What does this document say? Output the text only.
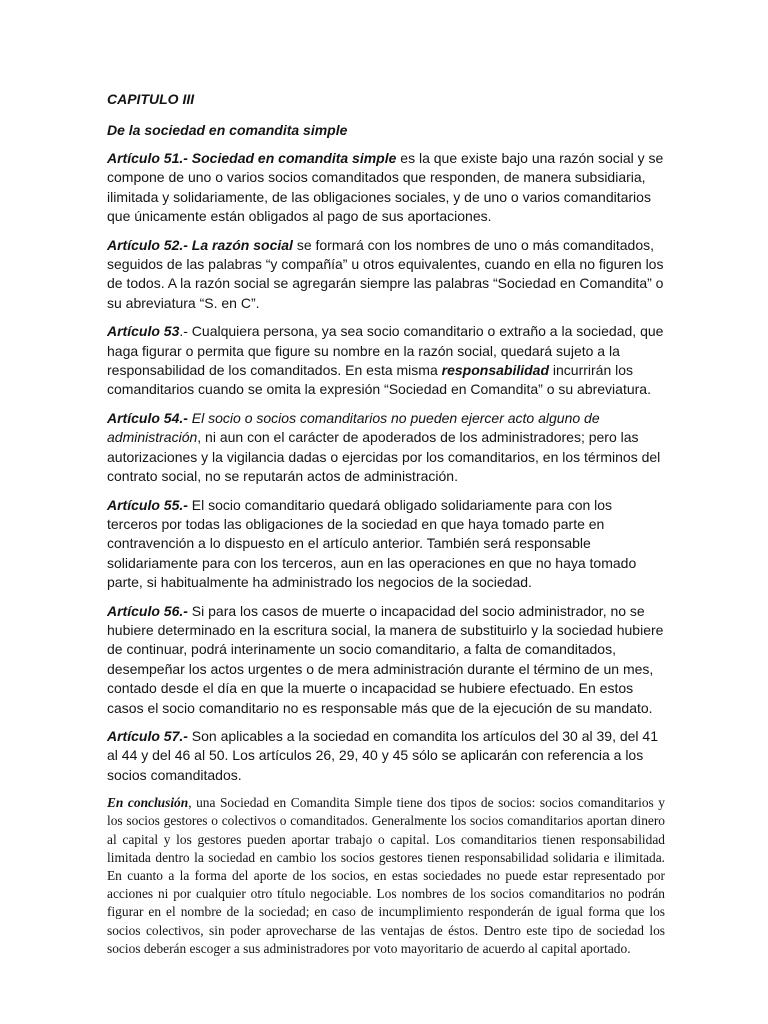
CAPITULO III

De la sociedad en comandita simple

Artículo 51.- Sociedad en comandita simple es la que existe bajo una razón social y se compone de uno o varios socios comanditados que responden, de manera subsidiaria, ilimitada y solidariamente, de las obligaciones sociales, y de uno o varios comanditarios que únicamente están obligados al pago de sus aportaciones.

Artículo 52.- La razón social se formará con los nombres de uno o más comanditados, seguidos de las palabras “y compañía” u otros equivalentes, cuando en ella no figuren los de todos. A la razón social se agregarán siempre las palabras “Sociedad en Comandita” o su abreviatura “S. en C”.

Artículo 53.- Cualquiera persona, ya sea socio comanditario o extraño a la sociedad, que haga figurar o permita que figure su nombre en la razón social, quedará sujeto a la responsabilidad de los comanditados. En esta misma responsabilidad incurrirán los comanditarios cuando se omita la expresión “Sociedad en Comandita” o su abreviatura.

Artículo 54.- El socio o socios comanditarios no pueden ejercer acto alguno de administración, ni aun con el carácter de apoderados de los administradores; pero las autorizaciones y la vigilancia dadas o ejercidas por los comanditarios, en los términos del contrato social, no se reputarán actos de administración.

Artículo 55.- El socio comanditario quedará obligado solidariamente para con los terceros por todas las obligaciones de la sociedad en que haya tomado parte en contravención a lo dispuesto en el artículo anterior. También será responsable solidariamente para con los terceros, aun en las operaciones en que no haya tomado parte, si habitualmente ha administrado los negocios de la sociedad.

Artículo 56.- Si para los casos de muerte o incapacidad del socio administrador, no se hubiere determinado en la escritura social, la manera de substituirlo y la sociedad hubiere de continuar, podrá interinamente un socio comanditario, a falta de comanditados, desempeñar los actos urgentes o de mera administración durante el término de un mes, contado desde el día en que la muerte o incapacidad se hubiere efectuado. En estos casos el socio comanditario no es responsable más que de la ejecución de su mandato.

Artículo 57.- Son aplicables a la sociedad en comandita los artículos del 30 al 39, del 41 al 44 y del 46 al 50. Los artículos 26, 29, 40 y 45 sólo se aplicarán con referencia a los socios comanditados.

En conclusión, una Sociedad en Comandita Simple tiene dos tipos de socios: socios comanditarios y los socios gestores o colectivos o comanditados. Generalmente los socios comanditarios aportan dinero al capital y los gestores pueden aportar trabajo o capital. Los comanditarios tienen responsabilidad limitada dentro la sociedad en cambio los socios gestores tienen responsabilidad solidaria e ilimitada. En cuanto a la forma del aporte de los socios, en estas sociedades no puede estar representado por acciones ni por cualquier otro título negociable. Los nombres de los socios comanditarios no podrán figurar en el nombre de la sociedad; en caso de incumplimiento responderán de igual forma que los socios colectivos, sin poder aprovecharse de las ventajas de éstos. Dentro este tipo de sociedad los socios deberán escoger a sus administradores por voto mayoritario de acuerdo al capital aportado.
